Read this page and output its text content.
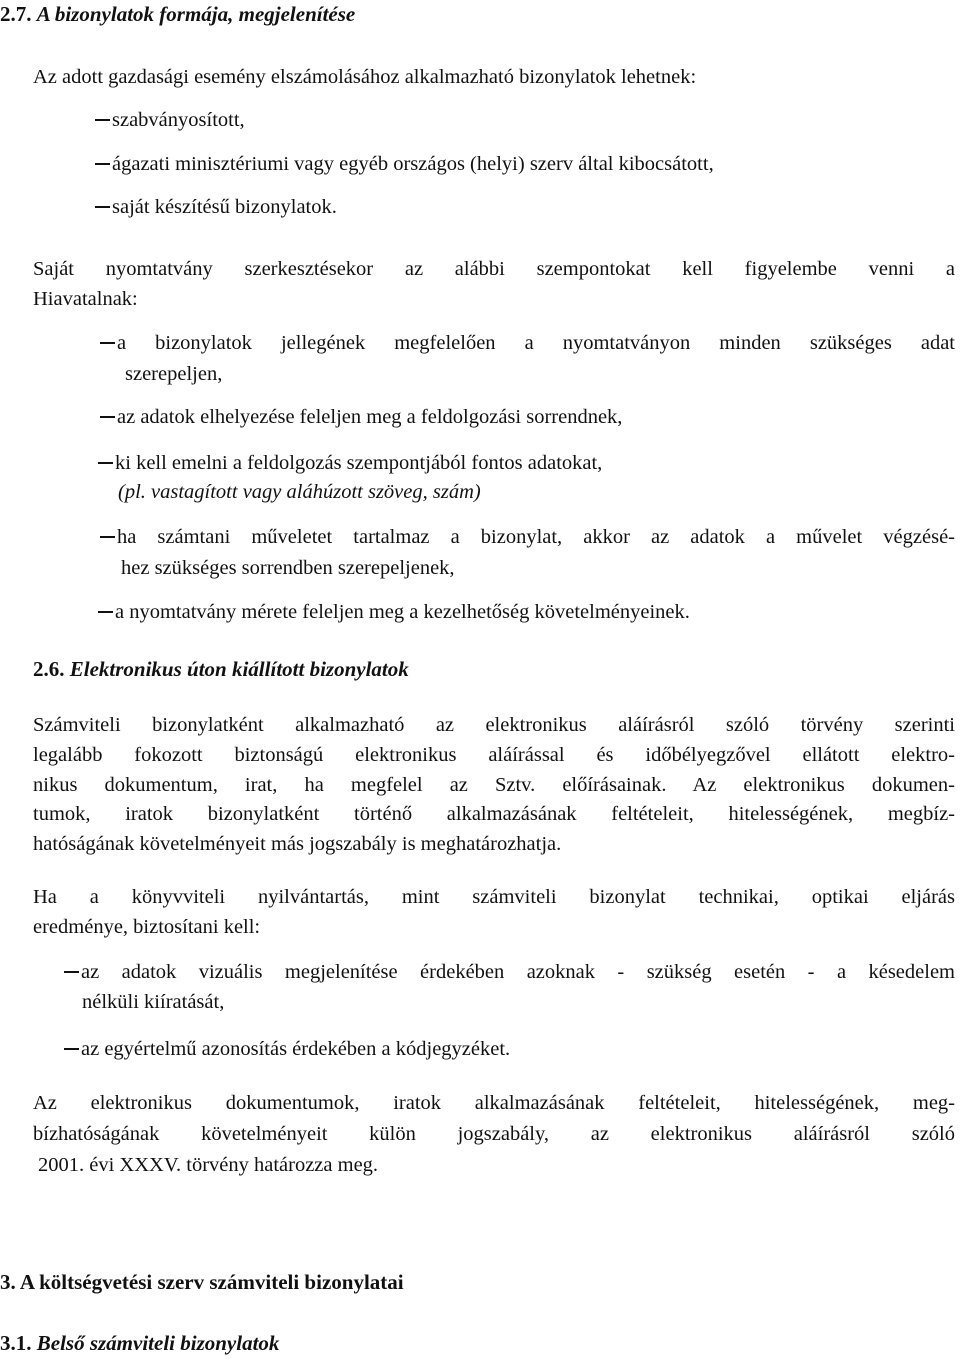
2.7. A bizonylatok formája, megjelenítése
Az adott gazdasági esemény elszámolásához alkalmazható bizonylatok lehetnek:
szabványosított,
ágazati minisztériumi vagy egyéb országos (helyi) szerv által kibocsátott,
saját készítésű bizonylatok.
Saját nyomtatvány szerkesztésekor az alábbi szempontokat kell figyelembe venni a
Hiavatalnak:
a bizonylatok jellegének megfelelően a nyomtatványon minden szükséges adat
szerepeljen,
az adatok elhelyezése feleljen meg a feldolgozási sorrendnek,
ki kell emelni a feldolgozás szempontjából fontos adatokat,
(pl. vastagított vagy aláhúzott szöveg, szám)
ha számtani műveletet tartalmaz a bizonylat, akkor az adatok a művelet végzésé-
hez szükséges sorrendben szerepeljenek,
a nyomtatvány mérete feleljen meg a kezelhetőség követelményeinek.
2.6. Elektronikus úton kiállított bizonylatok
Számviteli bizonylatként alkalmazható az elektronikus aláírásról szóló törvény szerinti
legalább fokozott biztonságú elektronikus aláírással és időbélyegzővel ellátott elektro-
nikus dokumentum, irat, ha megfelel az Sztv. előírásainak. Az elektronikus dokumen-
tumok, iratok bizonylatként történő alkalmazásának feltételeit, hitelességének, megbíz-
hatóságának követelményeit más jogszabály is meghatározhatja.
Ha a könyvviteli nyilvántartás, mint számviteli bizonylat technikai, optikai eljárás
eredménye, biztosítani kell:
az adatok vizuális megjelenítése érdekében azoknak - szükség esetén - a késedelem
nélküli kiíratását,
az egyértelmű azonosítás érdekében a kódjegyzéket.
Az elektronikus dokumentumok, iratok alkalmazásának feltételeit, hitelességének, meg-
bízhatóságának követelményeit külön jogszabály, az elektronikus aláírásról szóló
2001. évi XXXV. törvény határozza meg.
3. A költségvetési szerv számviteli bizonylatai
3.1. Belső számviteli bizonylatok
